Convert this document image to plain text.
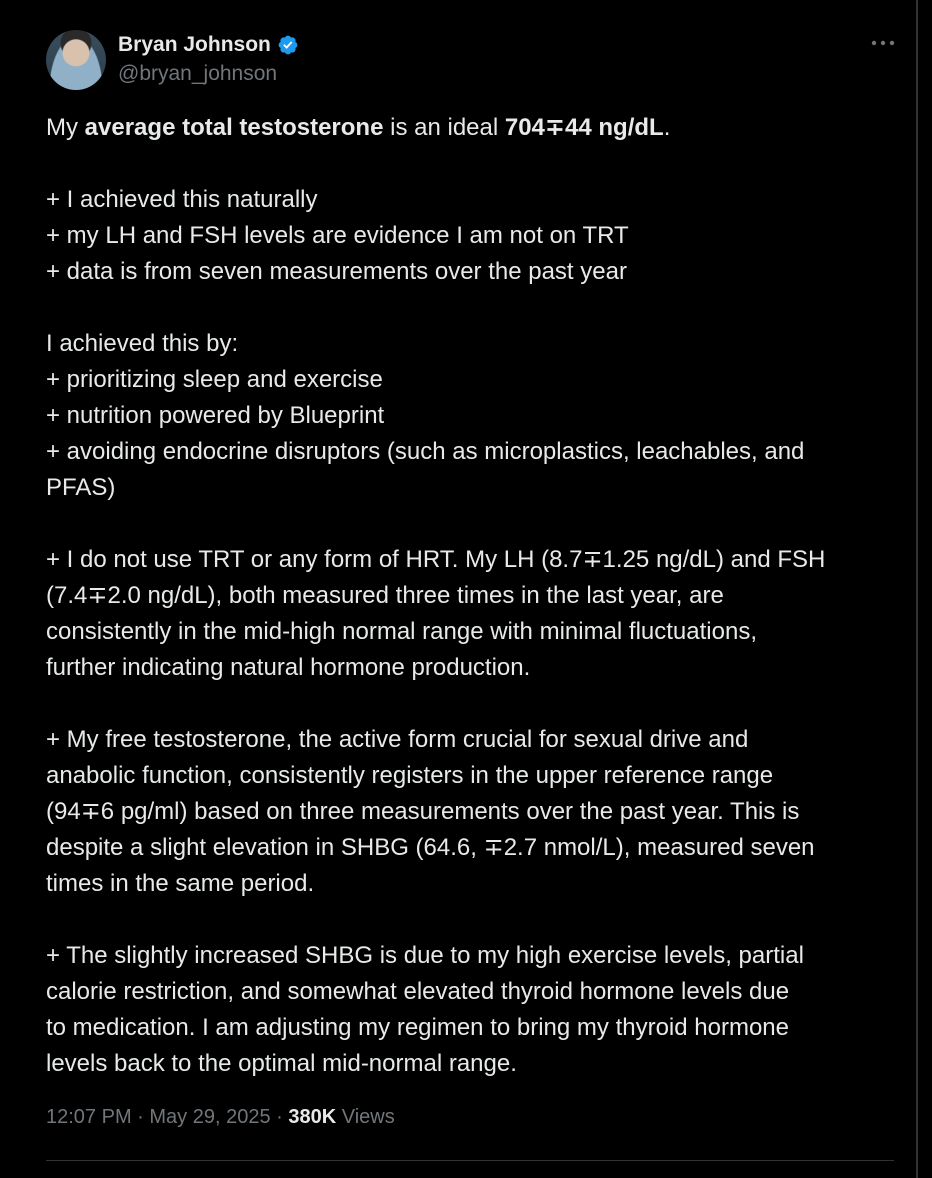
Bryan Johnson
@bryan_johnson

My average total testosterone is an ideal 704∓44 ng/dL.

+ I achieved this naturally

+ my LH and FSH levels are evidence I am not on TRT

+ data is from seven measurements over the past year

I achieved this by:

+ prioritizing sleep and exercise

+ nutrition powered by Blueprint

+ avoiding endocrine disruptors (such as microplastics, leachables, and

PFAS)

+ I do not use TRT or any form of HRT. My LH (8.7∓1.25 ng/dL) and FSH

(7.4∓2.0 ng/dL), both measured three times in the last year, are

consistently in the mid-high normal range with minimal fluctuations,

further indicating natural hormone production.

+ My free testosterone, the active form crucial for sexual drive and

anabolic function, consistently registers in the upper reference range

(94∓6 pg/ml) based on three measurements over the past year. This is

despite a slight elevation in SHBG (64.6, ∓2.7 nmol/L), measured seven

times in the same period.

+ The slightly increased SHBG is due to my high exercise levels, partial

calorie restriction, and somewhat elevated thyroid hormone levels due

to medication. I am adjusting my regimen to bring my thyroid hormone

levels back to the optimal mid-normal range.

12:07 PM · May 29, 2025 · 380K Views
